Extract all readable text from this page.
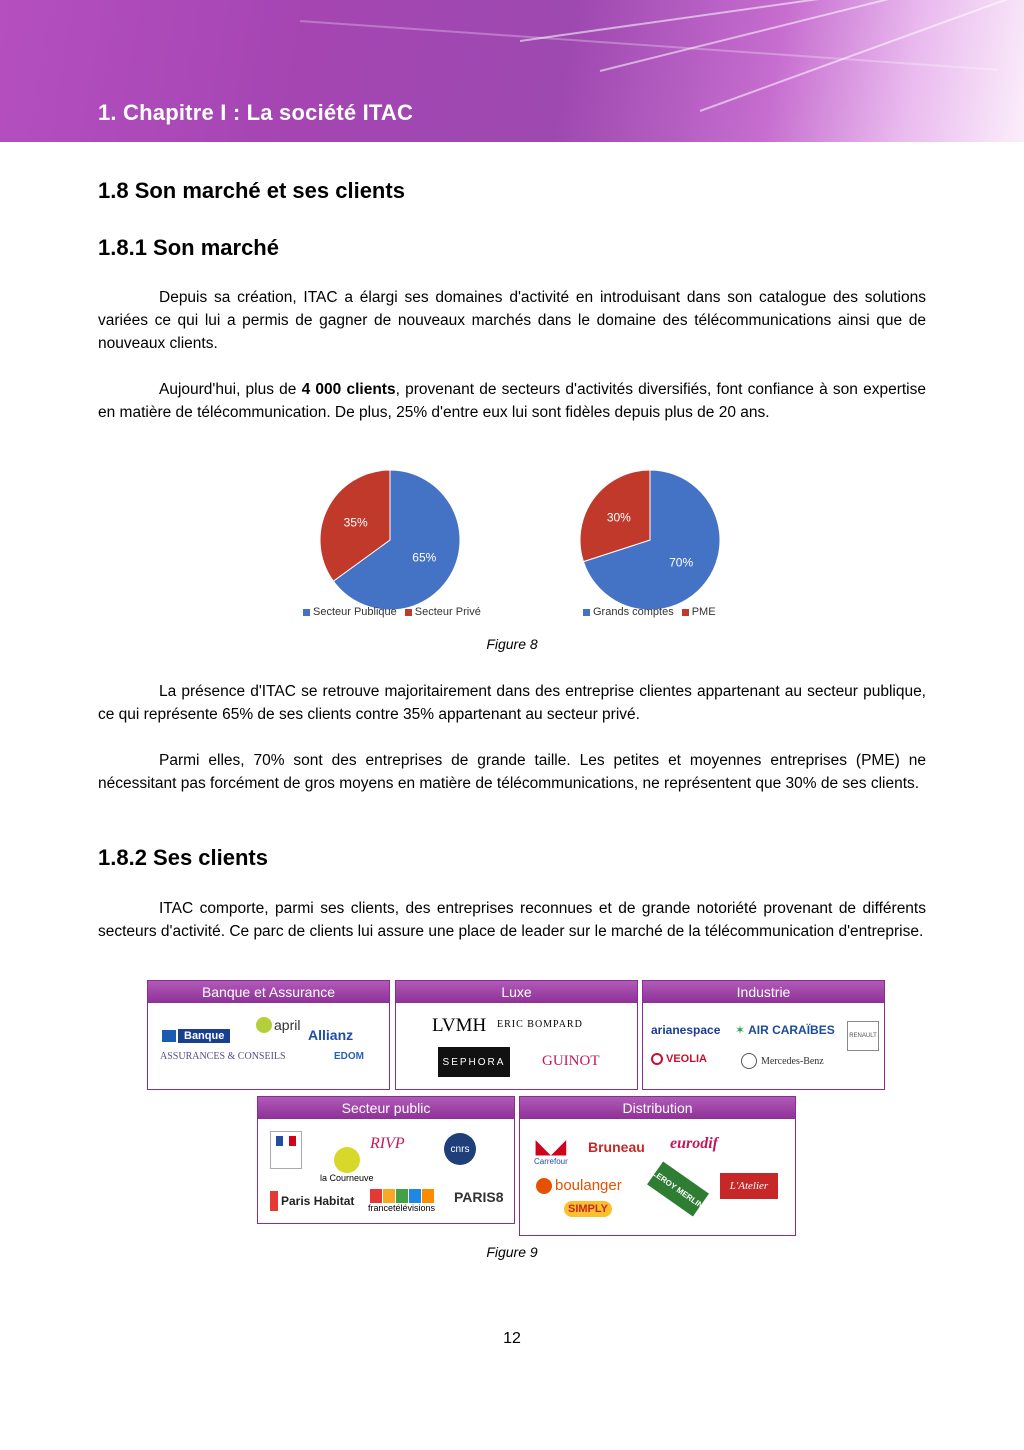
1. Chapitre I : La société ITAC
1.8 Son marché et ses clients
1.8.1 Son marché

Depuis sa création, ITAC a élargi ses domaines d'activité en introduisant dans son catalogue des solutions variées ce qui lui a permis de gagner de nouveaux marchés dans le domaine des télécommunications ainsi que de nouveaux clients.

Aujourd'hui, plus de 4 000 clients, provenant de secteurs d'activités diversifiés, font confiance à son expertise en matière de télécommunication. De plus, 25% d'entre eux lui sont fidèles depuis plus de 20 ans.

65%
35%
Secteur Publique Secteur Privé
70%
30%
Grands comptes PME
Figure 8

La présence d'ITAC se retrouve majoritairement dans des entreprise clientes appartenant au secteur publique, ce qui représente 65% de ses clients contre 35% appartenant au secteur privé.

Parmi elles, 70% sont des entreprises de grande taille. Les petites et moyennes entreprises (PME) ne nécessitant pas forcément de gros moyens en matière de télécommunications, ne représentent que 30% de ses clients.

1.8.2 Ses clients

ITAC comporte, parmi ses clients, des entreprises reconnues et de grande notoriété provenant de différents secteurs d'activité. Ce parc de clients lui assure une place de leader sur le marché de la télécommunication d'entreprise.

Banque et Assurance
Banque
april
Allianz
ASSURANCES & CONSEILS	EDOM
Luxe
LVMH ERIC BOMPARD
SEPHORA GUINOT
Industrie
arianespace ✶ AIR CARAÏBES RENAULT
VEOLIA	Mercedes-Benz
Secteur public
la Courneuve
RIVP	cnrs
Paris Habitat francetélévisions
PARIS8
Distribution
◣◢
Carrefour
Bruneau eurodif
boulanger	LEROY MERLIN L'Atelier
SIMPLY
Figure 9
12
